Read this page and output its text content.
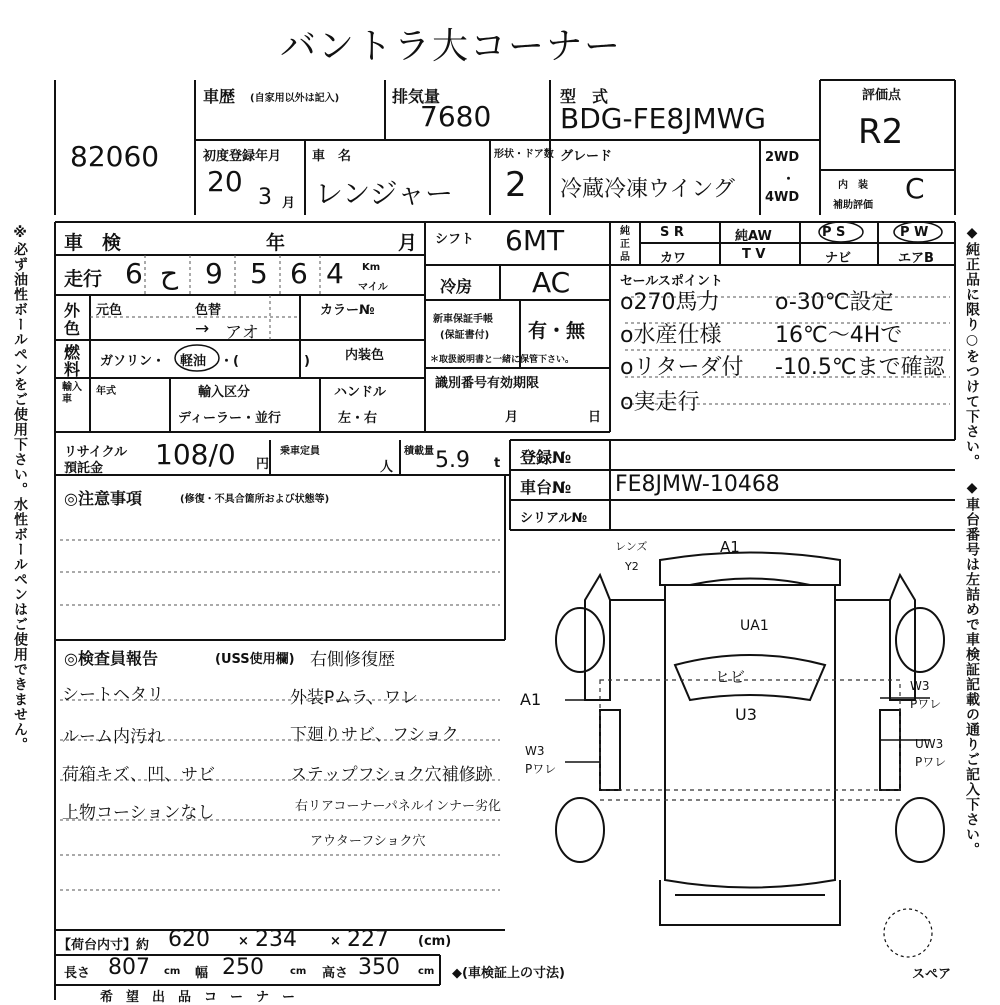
バントラ大コーナー
レンズ
Y2
A1
UA1
ヒビ
U3
A1
W3
Pワレ
W3
Pワレ
UW3
Pワレ
スペア
82060
車歴 (自家用以外は記入)	排気量
7680
型　式
BDG-FE8JMWG
初度登録年月
20 3 月
車　名
レンジャー
形状・ドア数
2
グレード
冷蔵冷凍ウイング
2WD
・
4WD
評価点
R2
内　装
補助評価
C
車　検	年	月
走行 6 ح 9 5 6 4 Km
マイル
外色
元色	色替
→ アオ
カラー№
燃料	ガソリン・ 軽油 ・(　　　　　)	内装色
輸入車
年式	輸入区分
ディーラー・並行
ハンドル
左・右
シフト 6MT
冷房 AC
新車保証手帳
(保証書付) 有・無
＊取扱説明書と一緒に保管下さい。
識別番号有効期限
月	日
純正品
S R	純AW	P S	P W
カワ	T V	ナビ	エアB
セールスポイント
o270馬力	o-30℃設定
o水産仕様 16℃〜4Hで
oリターダ付 -10.5℃まで確認
o実走行
リサイクル
預託金 108/0 円
乗車定員
人
積載量 5.9 t 登録№
車台№ FE8JMW-10468
シリアル№
◎注意事項	(修復・不具合箇所および状態等)
◎検査員報告	(USS使用欄) 右側修復歴
シートヘタリ
ルーム内汚れ
荷箱キズ、凹、サビ
上物コーションなし
外装Pムラ、ワレ
下廻りサビ、フショク
ステップフショク穴補修跡
右リアコーナーパネルインナー劣化
アウターフショク穴
【荷台内寸】約 620 × 234	× 227 (cm)
長さ 807 cm 幅 250	cm 高さ 350 cm ◆(車検証上の寸法)
希　望　出　品　コ　ー　ナ　ー
※必ず油性ボールペンをご使用下さい。水性ボールペンはご使用できません。	◆純正品に限り○をつけて下さい。
◆車台番号は左詰めで車検証記載の通りご記入下さい。
